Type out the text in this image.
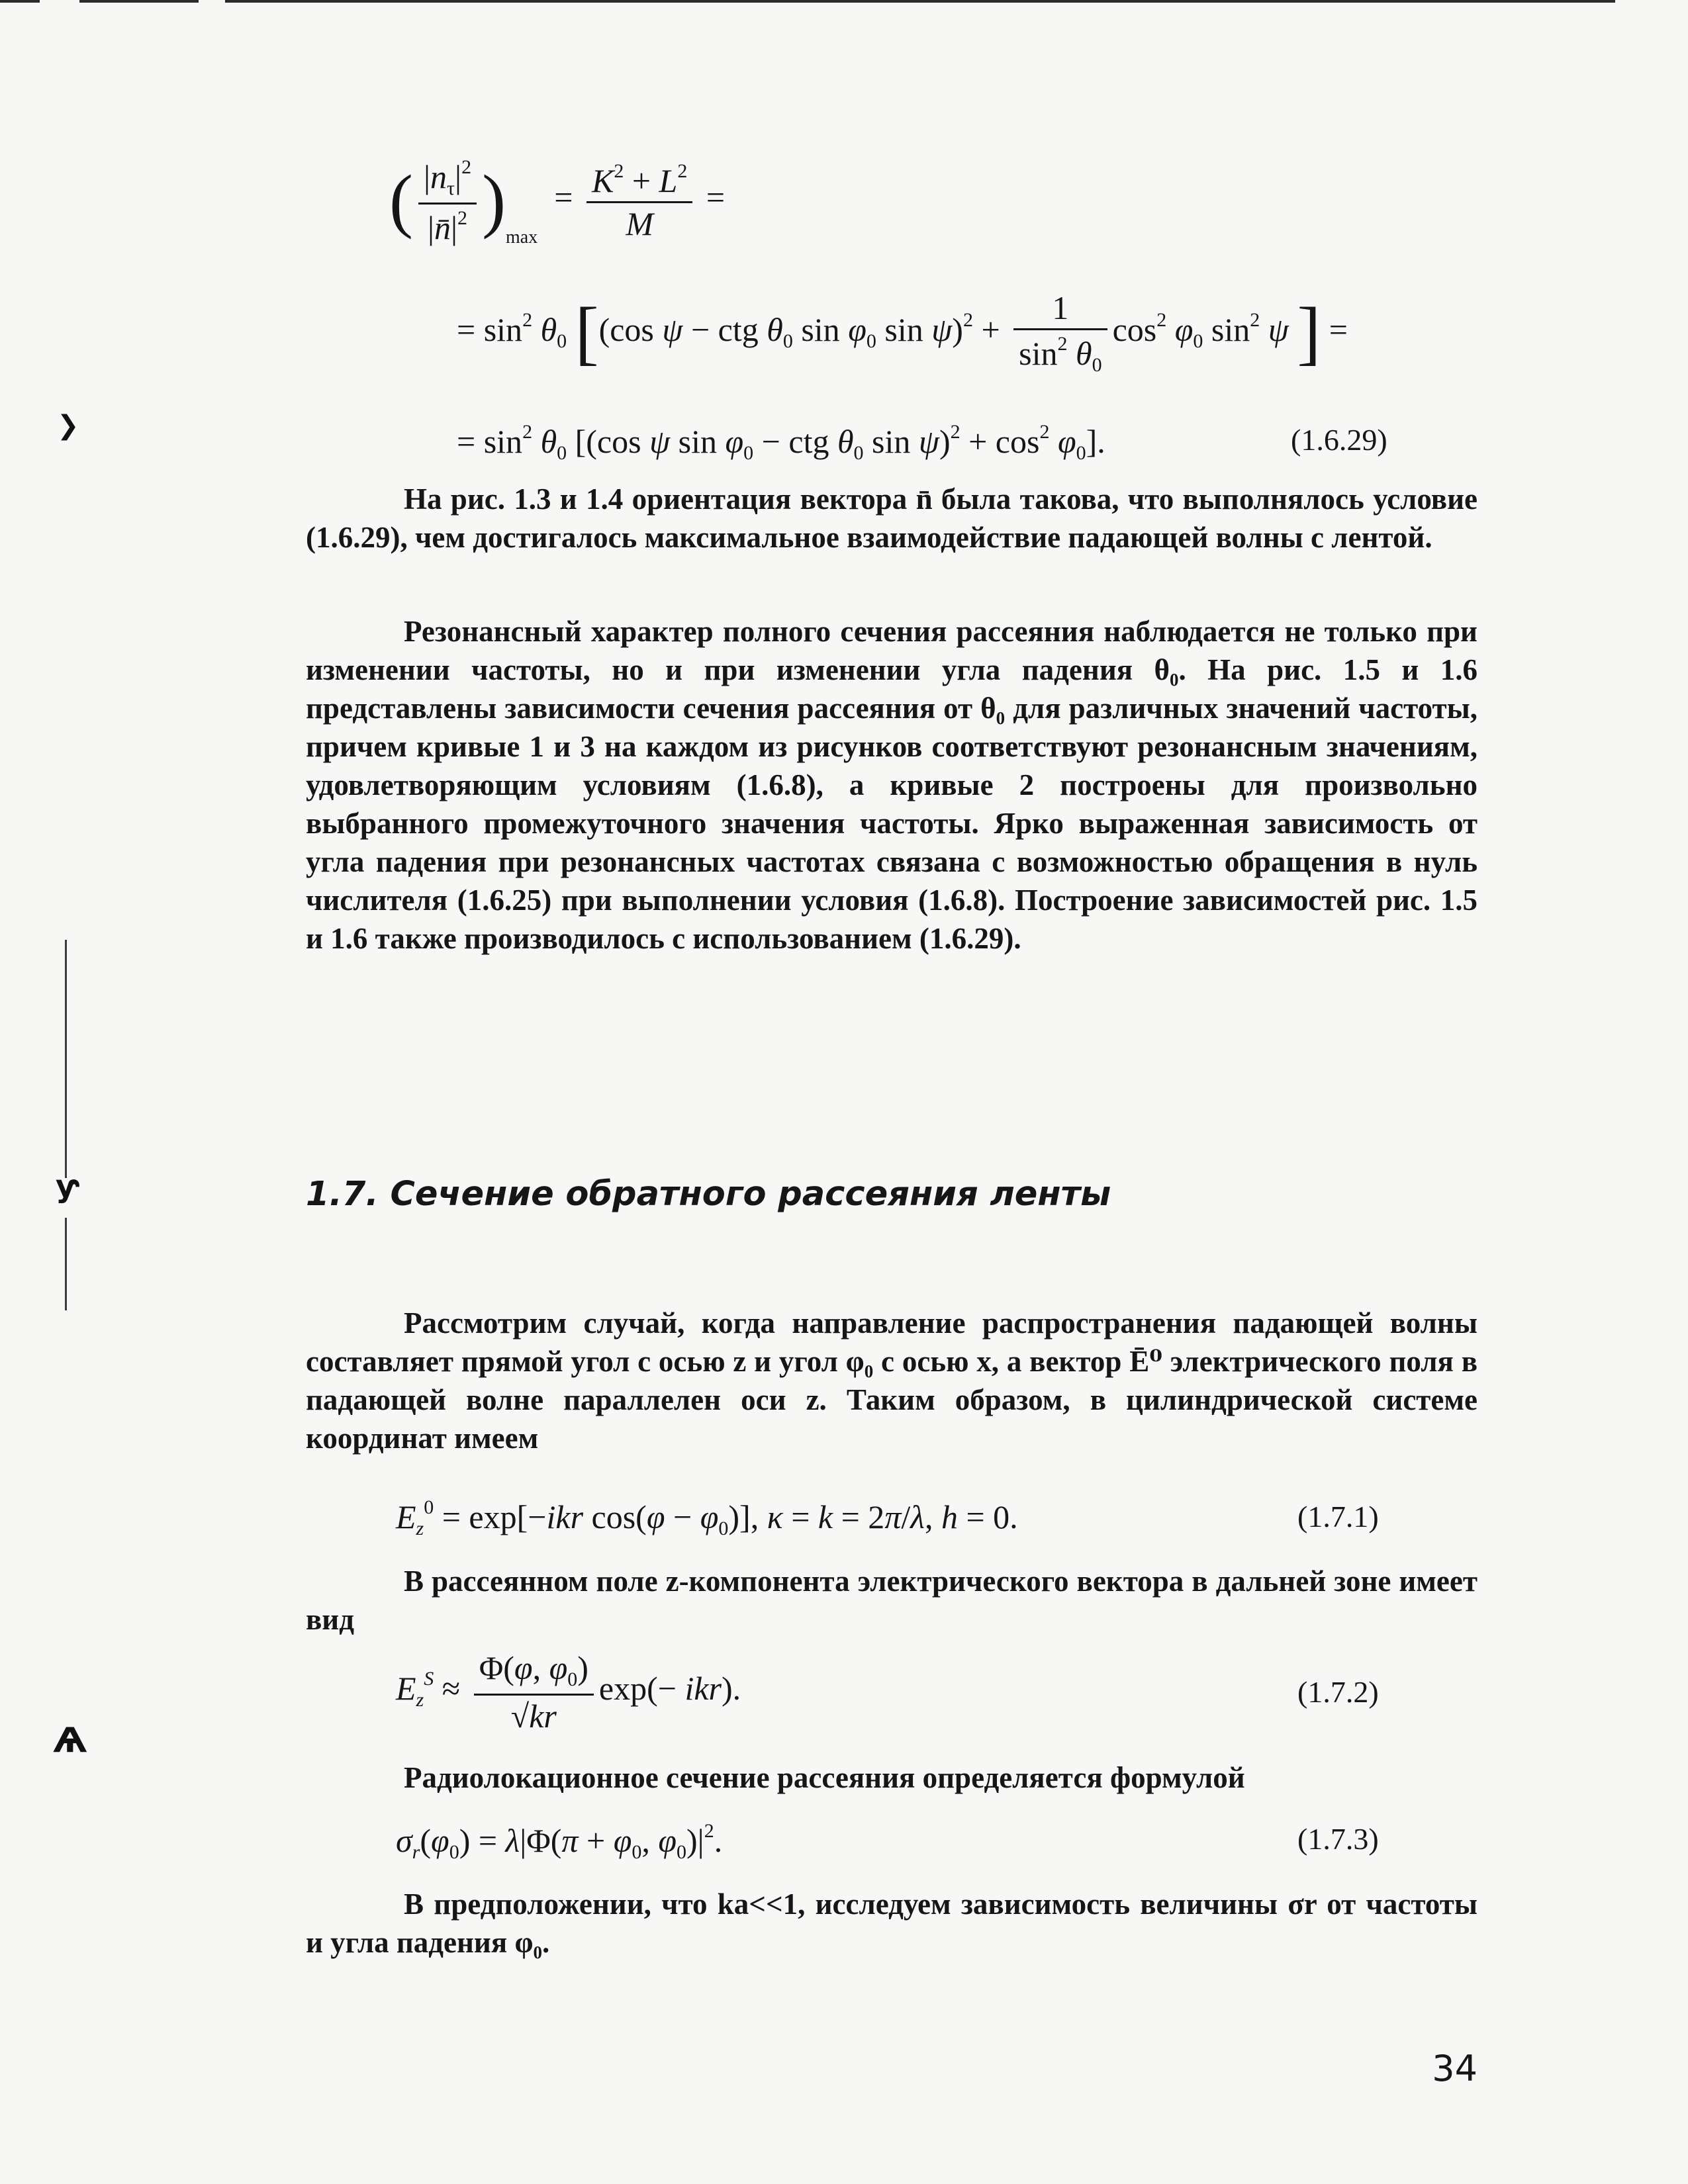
❯
ƴ
Ѧ
( $\frac{|n_\tau|^2}{|n̄|^2} )_{max} = \frac{K^2 + L^2}{M}$ =
= $\sin^2 \theta_0$ [(cos ψ − ctg $\theta_0$ $\sin \varphi_0$ $\sin \psi)^2 + \frac{1}{\sin^2 \theta_0} \cos^2 \varphi_0$ $\sin^2 \psi$ ] =
= $\sin^2 \theta_0$ [(cos ψ $\sin \varphi_0$ − ctg $\theta_0$ $\sin \psi)^2 + \cos^2 \varphi_0$].	(1.6.29)

На рис. 1.3 и 1.4 ориентация вектора n̄ была такова, что выполнялось условие (1.6.29), чем достигалось максимальное взаимодействие падающей волны с лентой.

Резонансный характер полного сечения рассеяния наблюдается не только при изменении частоты, но и при изменении угла падения θ₀. На рис. 1.5 и 1.6 представлены зависимости сечения рассеяния от θ₀ для различных значений частоты, причем кривые 1 и 3 на каждом из рисунков соответствуют резонансным значениям, удовлетворяющим условиям (1.6.8), а кривые 2 построены для произвольно выбранного промежуточного значения частоты. Ярко выраженная зависимость от угла падения при резонансных частотах связана с возможностью обращения в нуль числителя (1.6.25) при выполнении условия (1.6.8). Построение зависимостей рис. 1.5 и 1.6 также производилось с использованием (1.6.29).

1.7. Сечение обратного рассеяния ленты

Рассмотрим случай, когда направление распространения падающей волны составляет прямой угол с осью z и угол φ₀ с осью x, а вектор Ē⁰ электрического поля в падающей волне параллелен оси z. Таким образом, в цилиндрической системе координат имеем

$E_z^0 = \exp[-ikr$ $\cos(\varphi - \varphi_0)$], κ = k = 2π/λ, h = 0.	(1.7.1)

В рассеянном поле z-компонента электрического вектора в дальней зоне имеет вид

$E_z^S \approx \frac{\Phi(\varphi, \varphi_0)}{√kr} \exp(- ikr)$.	(1.7.2)

Радиолокационное сечение рассеяния определяется формулой

$\sigma_r(\varphi_0) = \lambda|\Phi(\pi + \varphi_0$, $\varphi_0)|^2$.	(1.7.3)

В предположении, что ka<<1, исследуем зависимость величины σr от частоты и угла падения φ₀.

34
